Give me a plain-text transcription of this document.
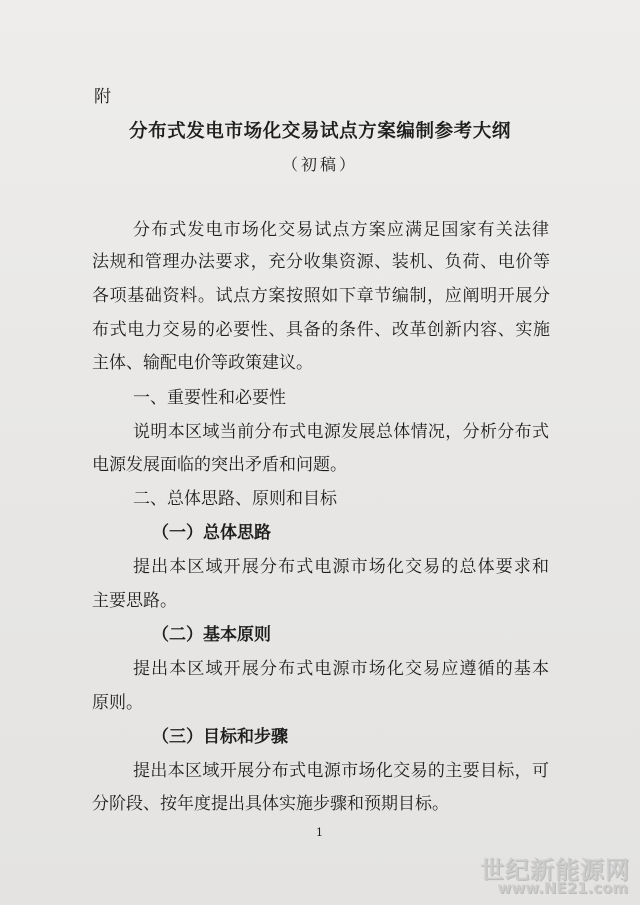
附
分布式发电市场化交易试点方案编制参考大纲
（初稿）
分布式发电市场化交易试点方案应满足国家有关法律
法规和管理办法要求，充分收集资源、装机、负荷、电价等
各项基础资料。试点方案按照如下章节编制，应阐明开展分
布式电力交易的必要性、具备的条件、改革创新内容、实施
主体、输配电价等政策建议。
一、重要性和必要性
说明本区域当前分布式电源发展总体情况，分析分布式
电源发展面临的突出矛盾和问题。
二、总体思路、原则和目标
（一）总体思路
提出本区域开展分布式电源市场化交易的总体要求和
主要思路。
（二）基本原则
提出本区域开展分布式电源市场化交易应遵循的基本
原则。
（三）目标和步骤
提出本区域开展分布式电源市场化交易的主要目标，可
分阶段、按年度提出具体实施步骤和预期目标。
1
世纪新能源网
www.NE21.com
